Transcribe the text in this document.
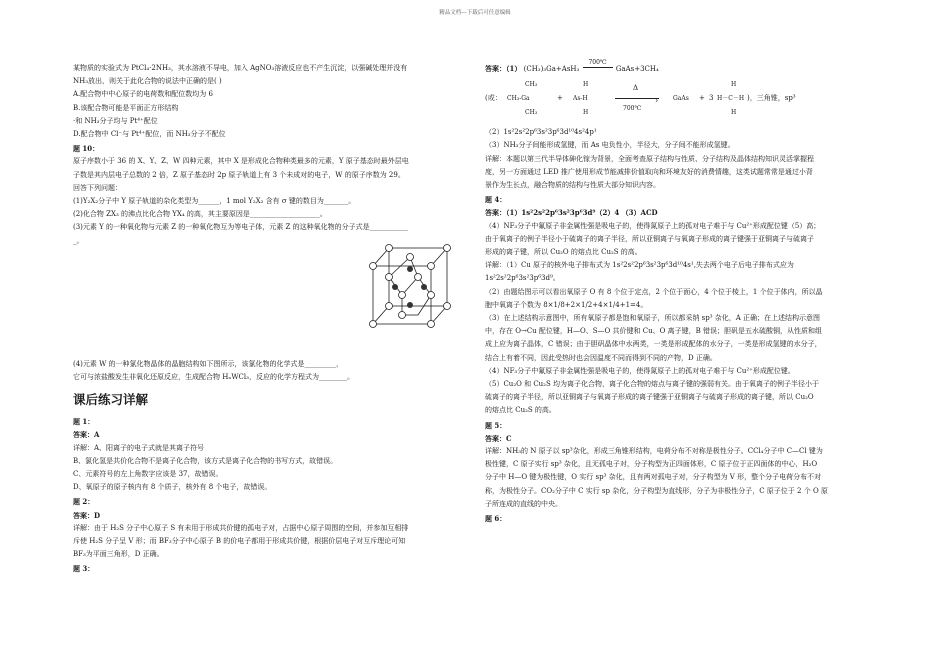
精品文档---下载后可任意编辑

某物质的实验式为 PtCl₄·2NH₃，其水溶液不导电，加入 AgNO₃溶液反应也不产生沉淀，以强碱处理并没有

NH₃放出，则关于此化合物的说法中正确的是( )

A.配合物中中心原子的电荷数和配位数均为 6

B.该配合物可能是平面正方形结构

·和 NH₃分子均与 Pt⁴⁺配位

D.配合物中 Cl⁻与 Pt⁴⁺配位，而 NH₃分子不配位

题 10：

原子序数小于 36 的 X、Y、Z、W 四种元素，其中 X 是形成化合物种类最多的元素，Y 原子基态时最外层电

子数是其内层电子总数的 2 倍，Z 原子基态时 2p 原子轨道上有 3 个未成对的电子，W 的原子序数为 29。

回答下列问题：

(1)Y₂X₂分子中 Y 原子轨道的杂化类型为______，1 mol Y₂X₂ 含有 σ 键的数目为_______。

(2)化合物 ZX₃ 的沸点比化合物 YX₄ 的高，其主要原因是____________________。

(3)元素 Y 的一种氧化物与元素 Z 的一种氧化物互为等电子体，元素 Z 的这种氧化物的分子式是___________

_。

(4)元素 W 的一种氯化物晶体的晶胞结构如下图所示，该氯化物的化学式是_________，

它可与浓盐酸发生非氧化还原反应，生成配合物 HₙWCl₃，反应的化学方程式为________。

课后练习详解

题 1：

答案：A

详解：A、阳离子的电子式就是其离子符号

B、氯化氢是共价化合物不是离子化合物，该方式是离子化合物的书写方式，故错误。

C、元素符号的左上角数字应该是 37，故错误。

D、氧原子的原子核内有 8 个质子，核外有 8 个电子，故错误。

题 2：

答案：D

详解：由于 H₂S 分子中心原子 S 有未用于形成共价键的孤电子对，占据中心原子周围的空间，并参加互相排

斥使 H₂S 分子呈 V 形；而 BF₃分子中心原子 B 的价电子都用于形成共价键，根据价层电子对互斥理论可知

BF₃为平面三角形，D 正确。

题 3：

答案：（1） (CH₃)₃Ga+AsH₃
700℃
GaAs+3CH₄

(或：
CH₃
CH₃-Ga
CH₃
+
H
As-H
H
Δ
›
700℃
GaAs + 3
H
H－C－H
H
)，三角锥，sp³

（2）1s²2s²2p⁶3s²3p⁶3d¹⁰4s²4p¹

（3）NH₃分子间能形成氢键，而 As 电负性小，半径大，分子间不能形成氢键。

详解：本题以第三代半导体砷化镓为背景，全面考查原子结构与性质、分子结构及晶体结构知识灵活掌握程

度，另一方面通过 LED 推广使用形成节能减排价值取向和环境友好的消费情趣，这类试题常常是通过小背

景作为生长点，融合物质的结构与性质大部分知识内容。

题 4：

答案：（1）1s²2s²2p⁶3s²3p⁶3d⁹（2）4 （3）ACD

（4）NF₃分子中氟原子非金属性强是吸电子的，使得氮原子上的孤对电子难于与 Cu²⁺形成配位键（5）高；

由于氧离子的例子半径小于硫离子的离子半径，所以亚铜离子与氧离子形成的离子键强于亚铜离子与硫离子

形成的离子键，所以 Cu₂O 的熔点比 Cu₂S 的高。

详解：（1）Cu 原子的核外电子排布式为 1s²2s²2p⁶3s²3p⁶3d¹⁰4s¹,失去两个电子后电子排布式应为

1s²2s²2p⁶3s²3p⁶3d⁹。

（2）由题给图示可以看出氧原子 O 有 8 个位于定点，2 个位于面心，4 个位于棱上，1 个位于体内，所以晶

胞中氧离子个数为 8×1/8+2×1/2+4×1/4+1=4。

（3）在上述结构示意图中，所有氧原子都是饱和氧原子，所以都采纳 sp³ 杂化，A 正确；在上述结构示意图

中，存在 O→Cu 配位键，H—O、S—O 共价键和 Cu、O 离子键，B 错误；胆矾是五水硫酸铜，从性质和组

成上应为离子晶体，C 错误；由于胆矾晶体中水两类，一类是形成配体的水分子，一类是形成氢键的水分子，

结合上有着不同，因此受热时也会因温度不同而得到不同的产物，D 正确。

（4）NF₃分子中氟原子非金属性强是吸电子的，使得氮原子上的孤对电子难于与 Cu²⁺形成配位键。

（5）Cu₂O 和 Cu₂S 均为离子化合物，离子化合物的熔点与离子键的强弱有关。由于氧离子的例子半径小于

硫离子的离子半径，所以亚铜离子与氧离子形成的离子键强于亚铜离子与硫离子形成的离子键，所以 Cu₂O

的熔点比 Cu₂S 的高。

题 5：

答案：C

详解：NH₃的 N 原子以 sp³杂化，形成三角锥形结构，电荷分布不对称是极性分子。CCl₄分子中 C—Cl 键为

极性键，C 原子实行 sp³ 杂化，且无孤电子对，分子构型为正四面体形，C 原子位于正四面体的中心，H₂O

分子中 H—O 键为极性键，O 实行 sp³ 杂化，且有两对孤电子对，分子构型为 V 形，整个分子电荷分布不对

称，为极性分子。CO₂分子中 C 实行 sp 杂化，分子构型为直线形，分子为非极性分子，C 原子位于 2 个 O 原

子所连成的直线的中央。

题 6：
